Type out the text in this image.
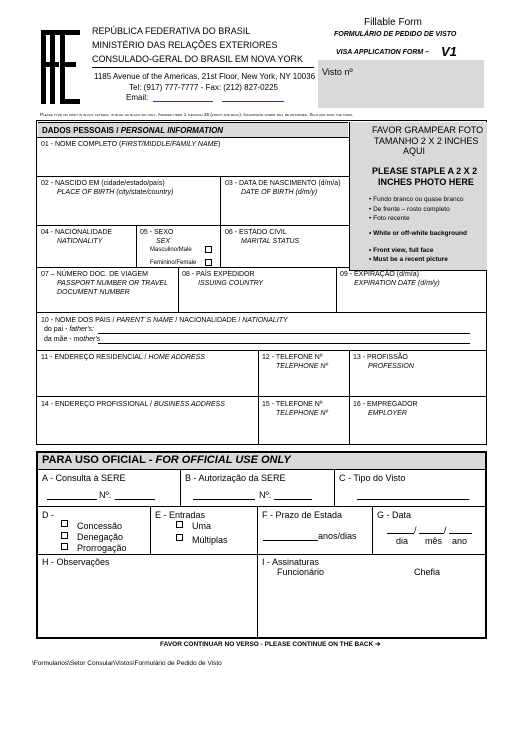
REPÚBLICA FEDERATIVA DO BRASIL
MINISTÉRIO DAS RELAÇÕES EXTERIORES
CONSULADO-GERAL DO BRASIL EM NOVA YORK
1185 Avenue of the Americas, 21st Floor, New York, NY 10036
Tel: (917) 777-7777 - Fax: (212) 827-0225
Email:
Fillable Form
FORMULÁRIO DE PEDIDO DE VISTO
VISA APPLICATION FORM – V1
Visto nº
Please type or print in block letters, in blue or black ink only. Answer items 1 through 26 (front and back). Incomplete forms will be returned. Sign and date the form.
DADOS PESSOAIS / PERSONAL INFORMATION	FAVOR GRAMPEAR FOTO
TAMANHO 2 X 2 INCHES
AQUI
PLEASE STAPLE A 2 X 2
INCHES PHOTO HERE
• Fundo branco ou quase branco
• De frente – rosto completo
• Foto recente
• White or off-white background
• Front view, full face
• Must be a recent picture
01 - NOME COMPLETO (FIRST/MIDDLE/FAMILY NAME)
02 - NASCIDO EM (cidade/estado/país)
PLACE OF BIRTH (city/state/country)
03 - DATA DE NASCIMENTO (d/m/a)
DATE OF BIRTH (d/m/y)
04 - NACIONALIDADE
NATIONALITY
05 - SEXO
SEX
Masculino/Male
Feminino/Female
06 - ESTADO CIVIL
MARITAL STATUS
07 – NÚMERO DOC. DE VIAGEM
PASSPORT NUMBER OR TRAVEL
DOCUMENT NUMBER
08 - PAÍS EXPEDIDOR
ISSUING COUNTRY
09 - EXPIRAÇÃO (d/m/a)
EXPIRATION DATE (d/m/y)
10 - NOME DOS PAIS / PARENT´S NAME / NACIONALIDADE / NATIONALITY
do pai - father's:
da mãe - mother's
11 - ENDEREÇO RESIDENCIAL / HOME ADDRESS	12 - TELEFONE Nº
TELEPHONE Nº
13 - PROFISSÃO
PROFESSION
14 - ENDEREÇO PROFISSIONAL / BUSINESS ADDRESS	15 - TELEFONE Nº
TELEPHONE Nº
16 - EMPREGADOR
EMPLOYER
PARA USO OFICIAL - FOR OFFICIAL USE ONLY
A - Consulta à SERE
Nº.
B - Autorização da SERE
Nº.
C - Tipo do Visto
D -
Concessão
Denegação
Prorrogação
E - Entradas
Uma
Múltiplas
F - Prazo de Estada
anos/dias
G - Data
/	/
dia mês ano
H - Observações	I - Assinaturas
Funcionário	Chefia
FAVOR CONTINUAR NO VERSO - PLEASE CONTINUE ON THE BACK ➔
\Formularios\Setor Consular\Vistos\Formulário de Pedido de Visto
